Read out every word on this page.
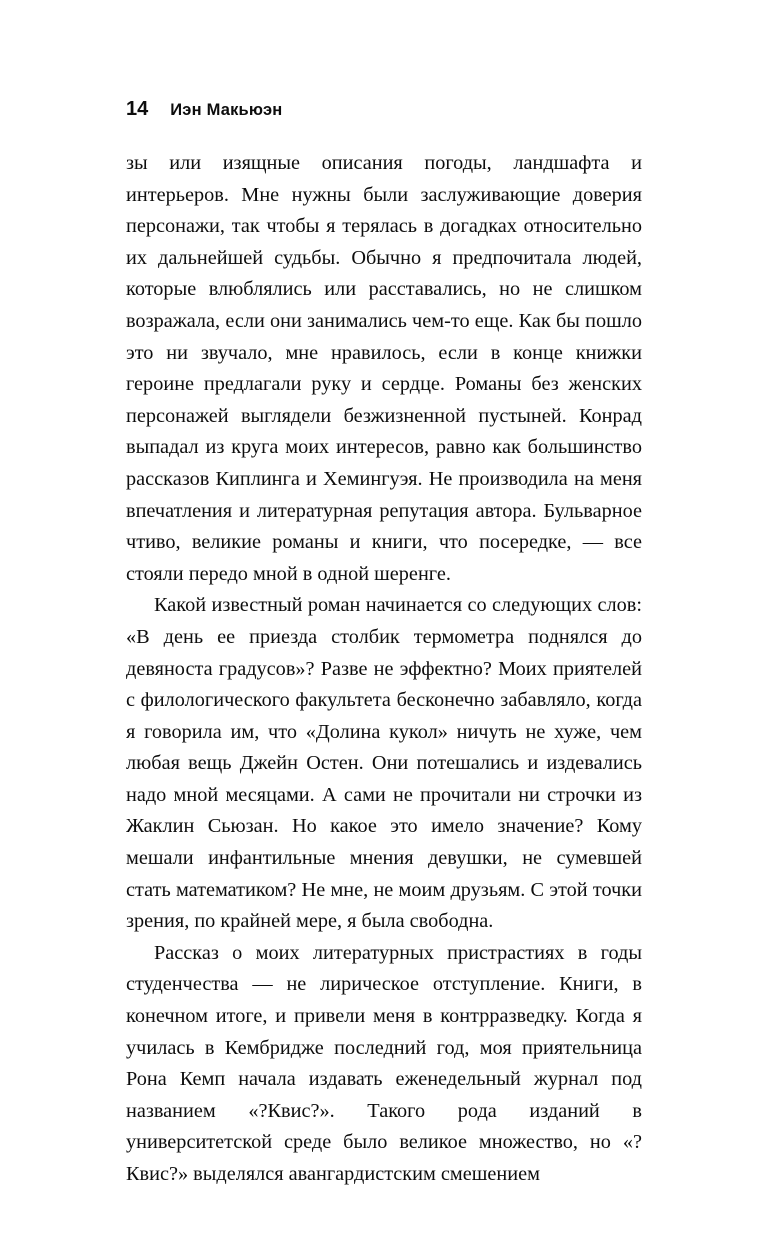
14 Иэн Макьюэн

зы или изящные описания погоды, ландшафта и интерьеров. Мне нужны были заслуживающие доверия персонажи, так чтобы я терялась в догадках относительно их дальнейшей судьбы. Обычно я предпочитала людей, которые влюблялись или расставались, но не слишком возражала, если они занимались чем-то еще. Как бы пошло это ни звучало, мне нравилось, если в конце книжки героине предлагали руку и сердце. Романы без женских персонажей выглядели безжизненной пустыней. Конрад выпадал из круга моих интересов, равно как большинство рассказов Киплинга и Хемингуэя. Не производила на меня впечатления и литературная репутация автора. Бульварное чтиво, великие романы и книги, что посередке, — все стояли передо мной в одной шеренге.

Какой известный роман начинается со следующих слов: «В день ее приезда столбик термометра поднялся до девяноста градусов»? Разве не эффектно? Моих приятелей с филологического факультета бесконечно забавляло, когда я говорила им, что «Долина кукол» ничуть не хуже, чем любая вещь Джейн Остен. Они потешались и издевались надо мной месяцами. А сами не прочитали ни строчки из Жаклин Сьюзан. Но какое это имело значение? Кому мешали инфантильные мнения девушки, не сумевшей стать математиком? Не мне, не моим друзьям. С этой точки зрения, по крайней мере, я была свободна.

Рассказ о моих литературных пристрастиях в годы студенчества — не лирическое отступление. Книги, в конечном итоге, и привели меня в контрразведку. Когда я училась в Кембридже последний год, моя приятельница Рона Кемп начала издавать еженедельный журнал под названием «?Квис?». Такого рода изданий в университетской среде было великое множество, но «?Квис?» выделялся авангардистским смешением
